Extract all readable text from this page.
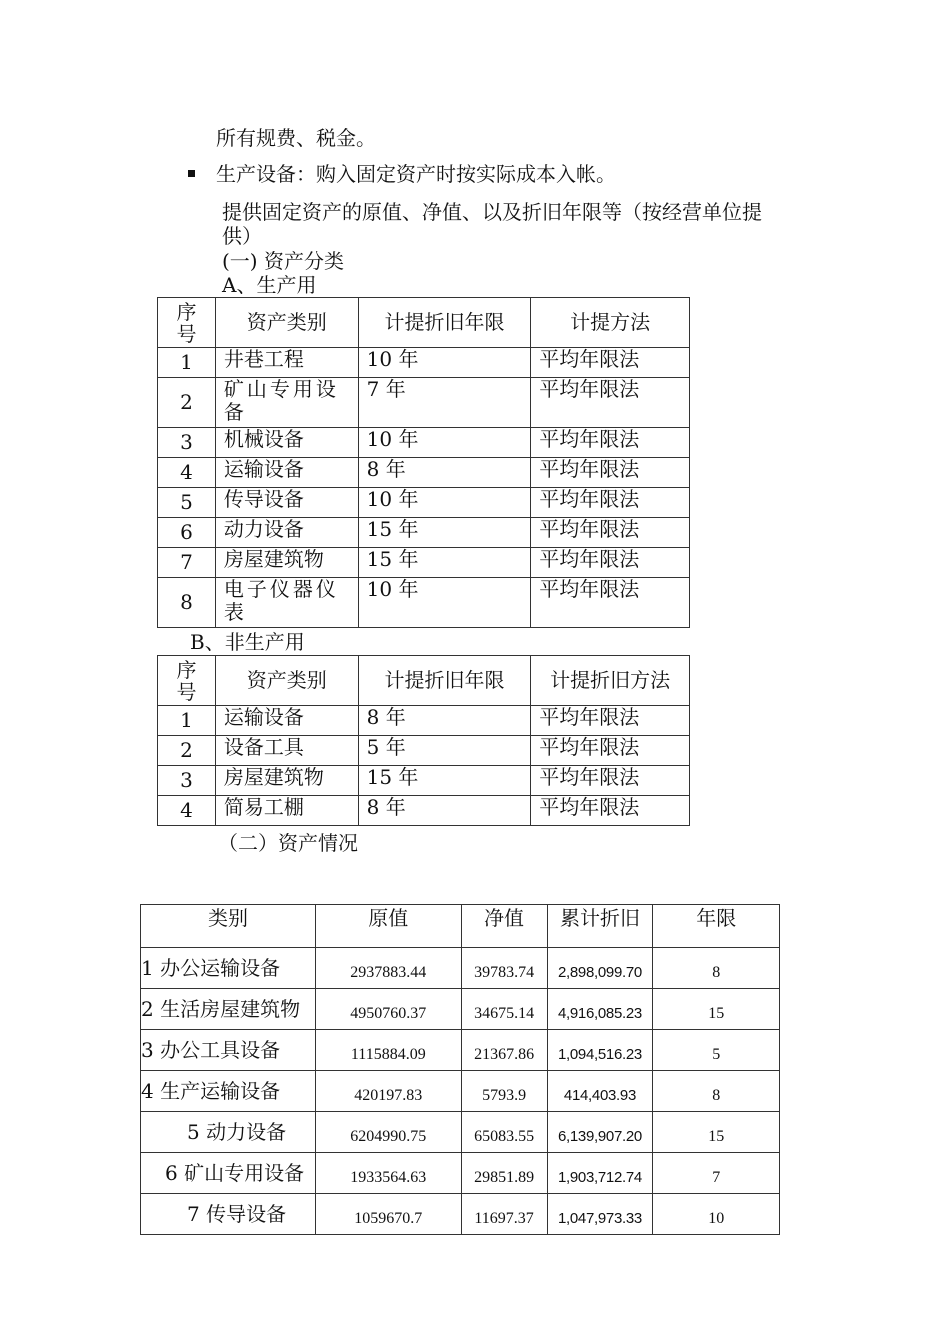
所有规费、税金。
生产设备：购入固定资产时按实际成本入帐。
提供固定资产的原值、净值、以及折旧年限等（按经营单位提
供）
(一) 资产分类
A、生产用
序
号	资产类别	计提折旧年限	计提方法
1	井巷工程	10 年	平均年限法
2	矿山专用设
备	7 年	平均年限法
3	机械设备	10 年	平均年限法
4	运输设备	8 年	平均年限法
5	传导设备	10 年	平均年限法
6	动力设备	15 年	平均年限法
7	房屋建筑物	15 年	平均年限法
8	电子仪器仪
表	10 年	平均年限法
B、非生产用
序
号	资产类别	计提折旧年限	计提折旧方法
1	运输设备	8 年	平均年限法
2	设备工具	5 年	平均年限法
3	房屋建筑物	15 年	平均年限法
4	简易工棚	8 年	平均年限法
（二）资产情况
类别	原值	净值	累计折旧	年限
1 办公运输设备	2937883.44	39783.74	2,898,099.70	8
2 生活房屋建筑物	4950760.37	34675.14	4,916,085.23	15
3 办公工具设备	1115884.09	21367.86	1,094,516.23	5
4 生产运输设备	420197.83	5793.9	414,403.93	8
5 动力设备	6204990.75	65083.55	6,139,907.20	15
6 矿山专用设备	1933564.63	29851.89	1,903,712.74	7
7 传导设备	1059670.7	11697.37	1,047,973.33	10
